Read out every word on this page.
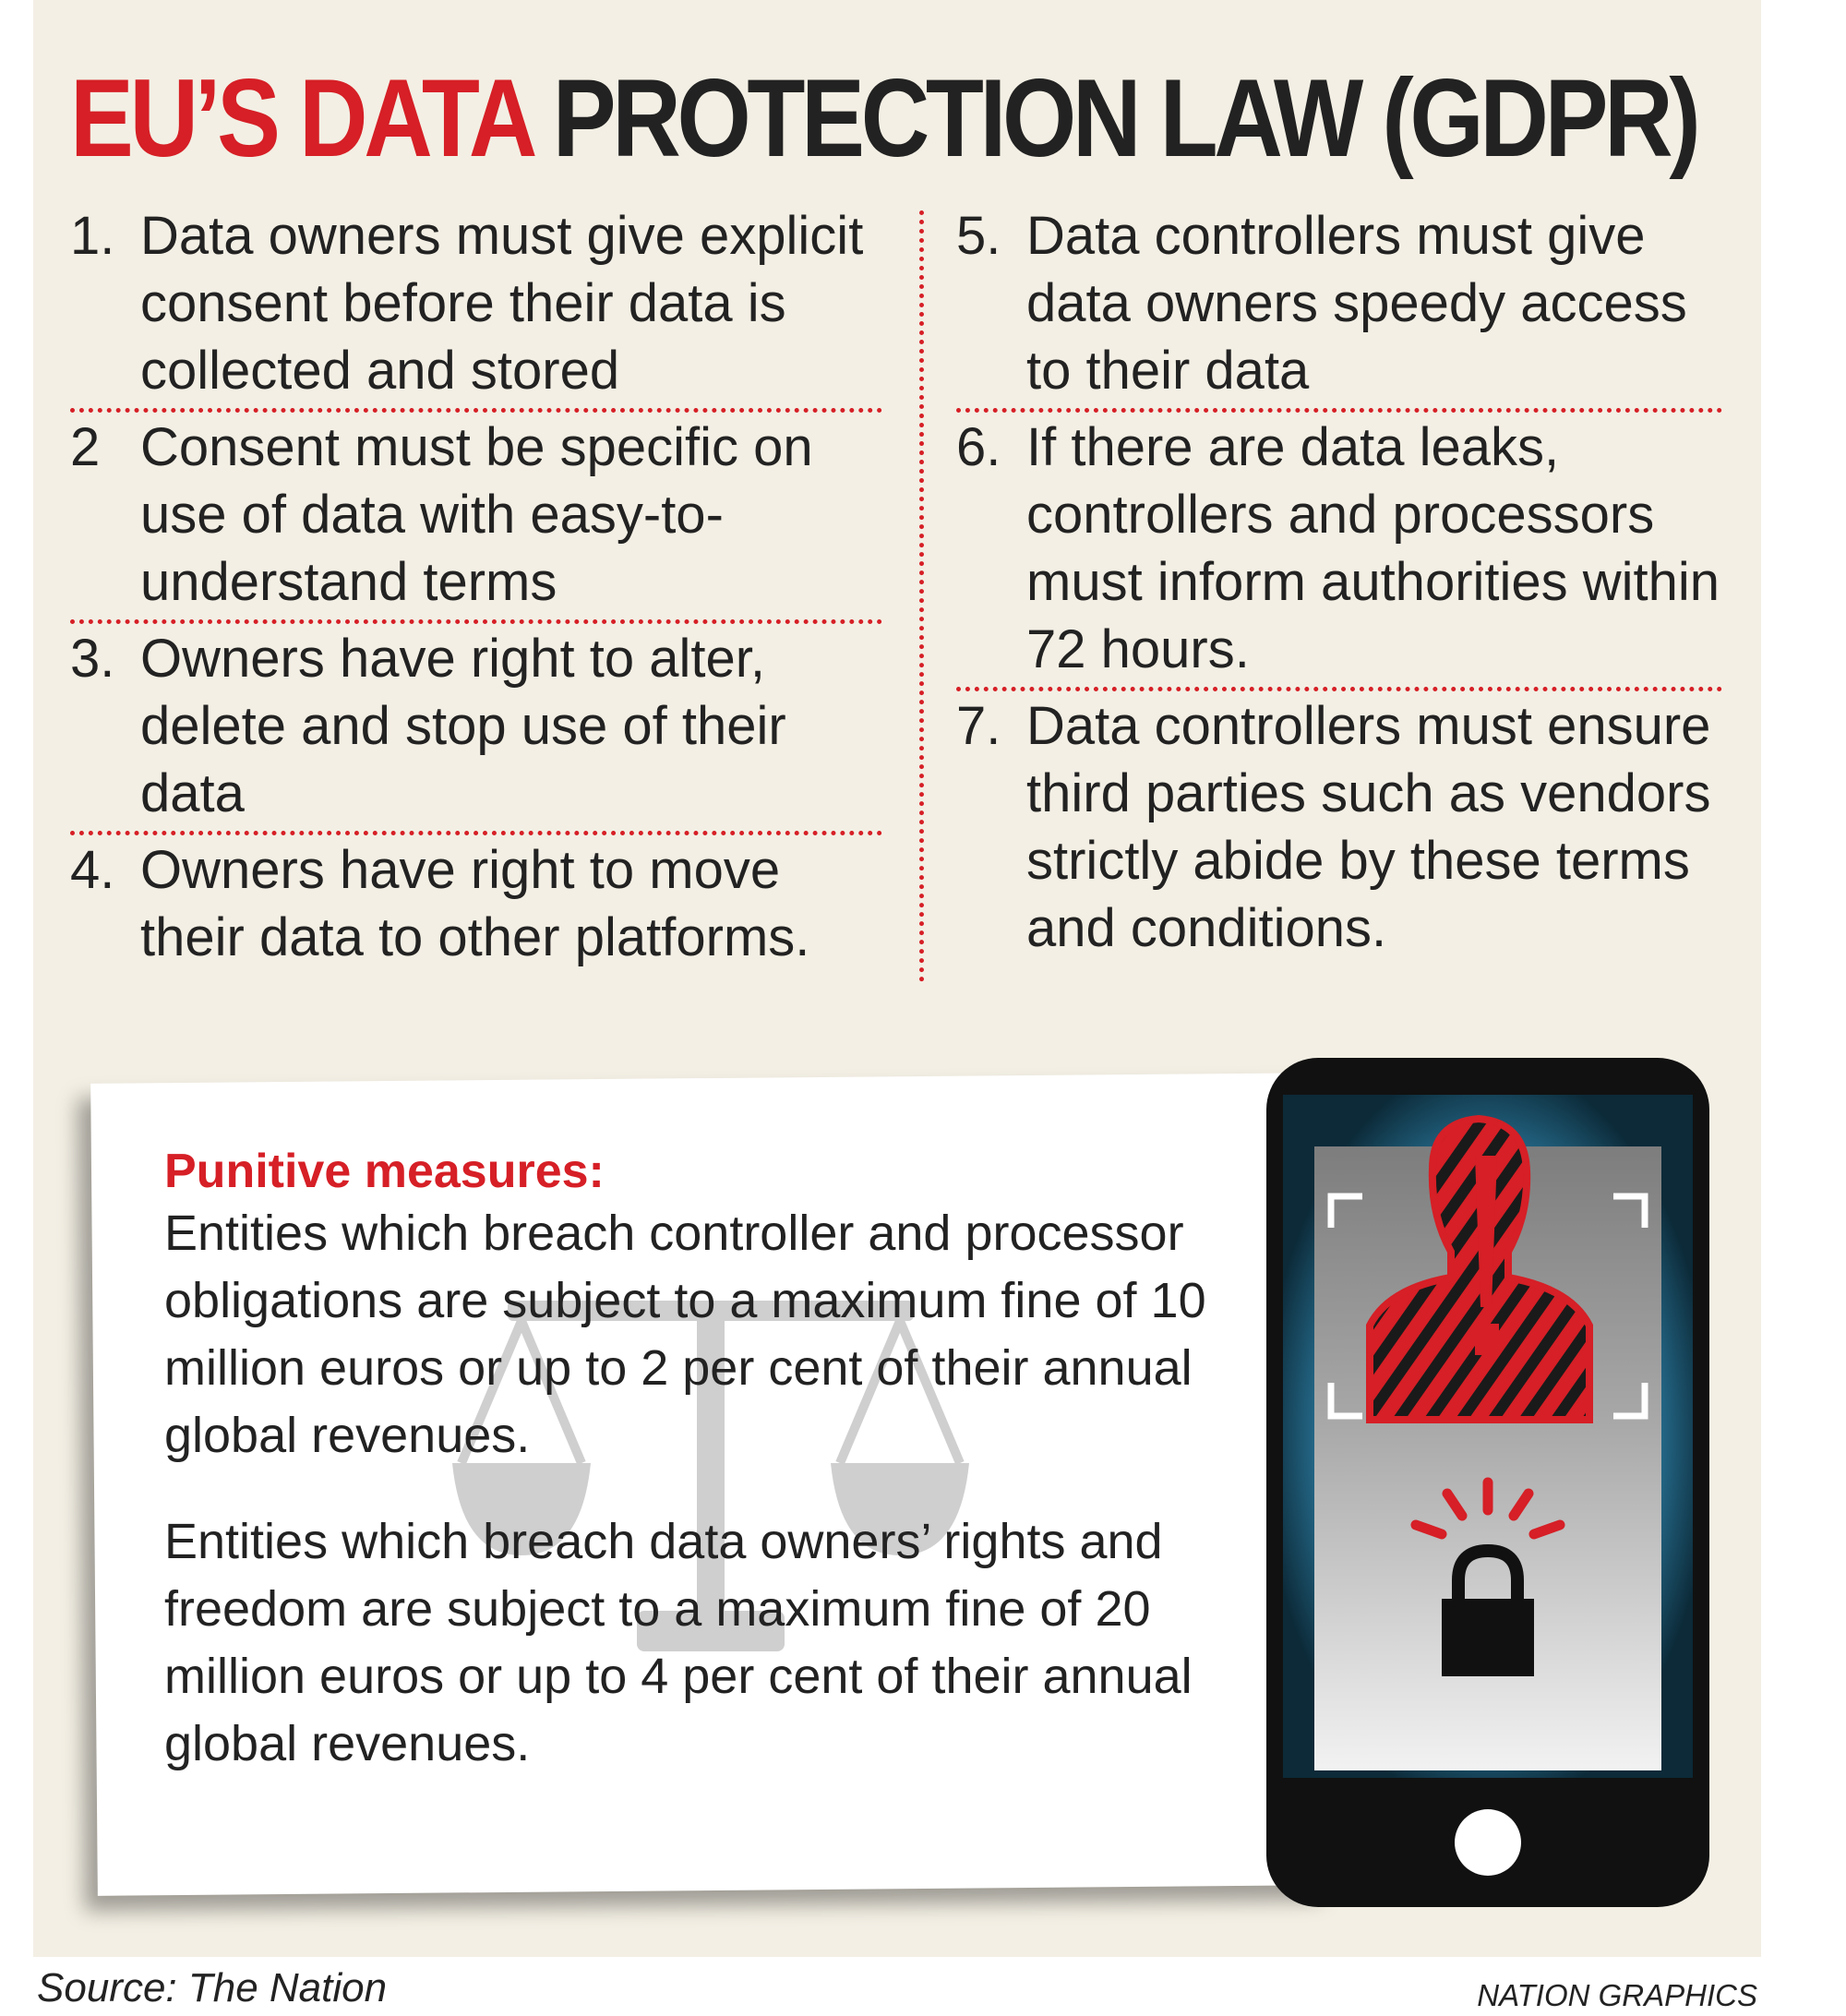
EU’S DATA PROTECTION LAW (GDPR)
1. Data owners must give explicit consent before their data is collected and stored
2 Consent must be specific on use of data with easy-to-understand terms
3. Owners have right to alter, delete and stop use of their data
4. Owners have right to move their data to other platforms.
5. Data controllers must give data owners speedy access to their data
6. If there are data leaks, controllers and processors must inform authorities within 72 hours.
7. Data controllers must ensure third parties such as vendors strictly abide by these terms and conditions.
Punitive measures:

Entities which breach controller and processor obligations are subject to a maximum fine of 10 million euros or up to 2 per cent of their annual global revenues.

Entities which breach data owners’ rights and freedom are subject to a maximum fine of 20 million euros or up to 4 per cent of their annual global revenues.

Source: The Nation	NATION GRAPHICS
